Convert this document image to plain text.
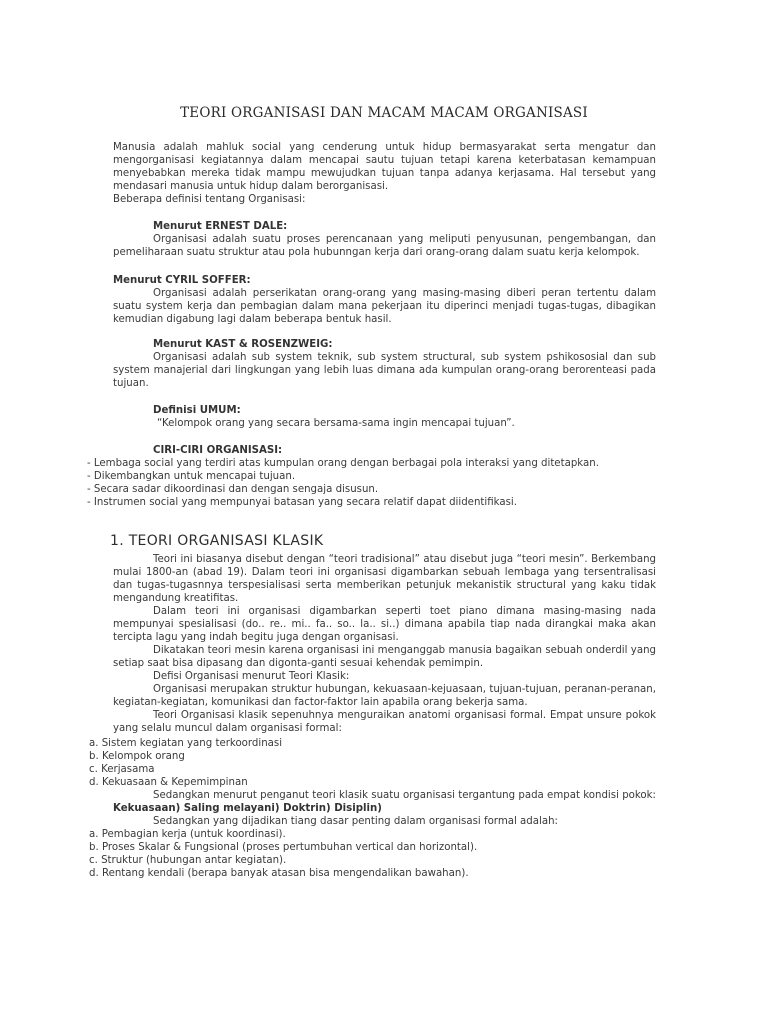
TEORI ORGANISASI DAN MACAM MACAM ORGANISASI

Manusia adalah mahluk social yang cenderung untuk hidup bermasyarakat serta mengatur dan mengorganisasi kegiatannya dalam mencapai sautu tujuan tetapi karena keterbatasan kemampuan menyebabkan mereka tidak mampu mewujudkan tujuan tanpa adanya kerjasama. Hal tersebut yang mendasari manusia untuk hidup dalam berorganisasi.

Beberapa definisi tentang Organisasi:

Menurut ERNEST DALE:

Organisasi adalah suatu proses perencanaan yang meliputi penyusunan, pengembangan, dan pemeliharaan suatu struktur atau pola hubunngan kerja dari orang-orang dalam suatu kerja kelompok.

Menurut CYRIL SOFFER:

Organisasi adalah perserikatan orang-orang yang masing-masing diberi peran tertentu dalam suatu system kerja dan pembagian dalam mana pekerjaan itu diperinci menjadi tugas-tugas, dibagikan kemudian digabung lagi dalam beberapa bentuk hasil.

Menurut KAST & ROSENZWEIG:

Organisasi adalah sub system teknik, sub system structural, sub system pshikososial dan sub system manajerial dari lingkungan yang lebih luas dimana ada kumpulan orang-orang berorenteasi pada tujuan.

Definisi UMUM:

“Kelompok orang yang secara bersama-sama ingin mencapai tujuan”.

CIRI-CIRI ORGANISASI:

- Lembaga social yang terdiri atas kumpulan orang dengan berbagai pola interaksi yang ditetapkan.
- Dikembangkan untuk mencapai tujuan.
- Secara sadar dikoordinasi dan dengan sengaja disusun.
- Instrumen social yang mempunyai batasan yang secara relatif dapat diidentifikasi.
1. TEORI ORGANISASI KLASIK

Teori ini biasanya disebut dengan “teori tradisional” atau disebut juga “teori mesin”. Berkembang mulai 1800-an (abad 19). Dalam teori ini organisasi digambarkan sebuah lembaga yang tersentralisasi dan tugas-tugasnnya terspesialisasi serta memberikan petunjuk mekanistik structural yang kaku tidak mengandung kreatifitas.

Dalam teori ini organisasi digambarkan seperti toet piano dimana masing-masing nada mempunyai spesialisasi (do.. re.. mi.. fa.. so.. la.. si..) dimana apabila tiap nada dirangkai maka akan tercipta lagu yang indah begitu juga dengan organisasi.

Dikatakan teori mesin karena organisasi ini menganggab manusia bagaikan sebuah onderdil yang setiap saat bisa dipasang dan digonta-ganti sesuai kehendak pemimpin.

Defisi Organisasi menurut Teori Klasik:

Organisasi merupakan struktur hubungan, kekuasaan-kejuasaan, tujuan-tujuan, peranan-peranan, kegiatan-kegiatan, komunikasi dan factor-faktor lain apabila orang bekerja sama.

Teori Organisasi klasik sepenuhnya menguraikan anatomi organisasi formal. Empat unsure pokok yang selalu muncul dalam organisasi formal:

a. Sistem kegiatan yang terkoordinasi
b. Kelompok orang
c. Kerjasama
d. Kekuasaan & Kepemimpinan

Sedangkan menurut penganut teori klasik suatu organisasi tergantung pada empat kondisi pokok: Kekuasaan) Saling melayani) Doktrin) Disiplin)

Sedangkan yang dijadikan tiang dasar penting dalam organisasi formal adalah:

a. Pembagian kerja (untuk koordinasi).
b. Proses Skalar & Fungsional (proses pertumbuhan vertical dan horizontal).
c. Struktur (hubungan antar kegiatan).
d. Rentang kendali (berapa banyak atasan bisa mengendalikan bawahan).
